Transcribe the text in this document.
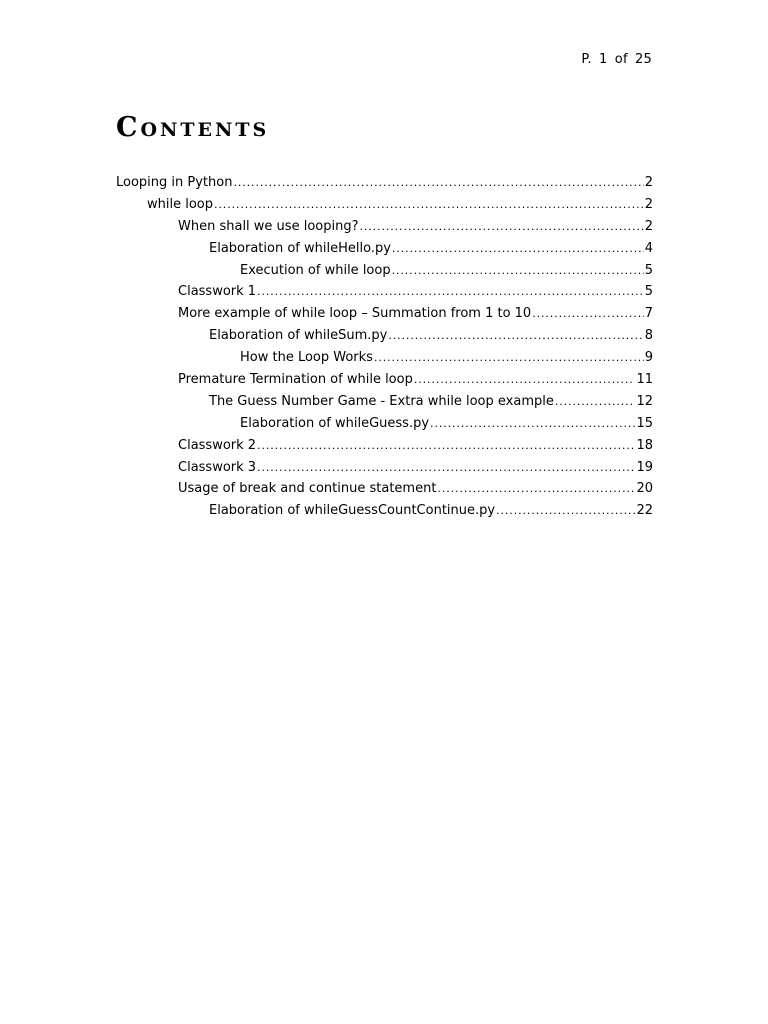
P. 1 of 25
Contents
Looping in Python .....	2
while loop .....	2
When shall we use looping? .....	2
Elaboration of whileHello.py .....	4
Execution of while loop .....	5
Classwork 1 .....	5
More example of while loop – Summation from 1 to 10 .....	7
Elaboration of whileSum.py .....	8
How the Loop Works .....	9
Premature Termination of while loop .....	11
The Guess Number Game - Extra while loop example .....	12
Elaboration of whileGuess.py .....	15
Classwork 2 .....	18
Classwork 3 .....	19
Usage of break and continue statement .....	20
Elaboration of whileGuessCountContinue.py .....	22
